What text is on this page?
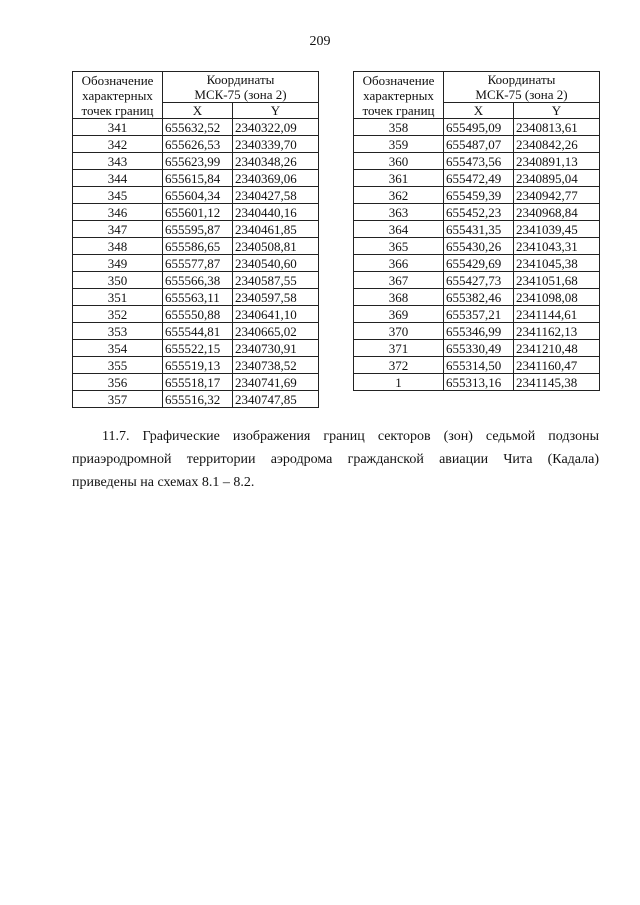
209
Обозначение
характерных
точек границ	Координаты
МСК-75 (зона 2)	
	X	Y
341	655632,52	2340322,09
342	655626,53	2340339,70
343	655623,99	2340348,26
344	655615,84	2340369,06
345	655604,34	2340427,58
346	655601,12	2340440,16
347	655595,87	2340461,85
348	655586,65	2340508,81
349	655577,87	2340540,60
350	655566,38	2340587,55
351	655563,11	2340597,58
352	655550,88	2340641,10
353	655544,81	2340665,02
354	655522,15	2340730,91
355	655519,13	2340738,52
356	655518,17	2340741,69
357	655516,32	2340747,85
Обозначение
характерных
точек границ	Координаты
МСК-75 (зона 2)	
	X	Y
358	655495,09	2340813,61
359	655487,07	2340842,26
360	655473,56	2340891,13
361	655472,49	2340895,04
362	655459,39	2340942,77
363	655452,23	2340968,84
364	655431,35	2341039,45
365	655430,26	2341043,31
366	655429,69	2341045,38
367	655427,73	2341051,68
368	655382,46	2341098,08
369	655357,21	2341144,61
370	655346,99	2341162,13
371	655330,49	2341210,48
372	655314,50	2341160,47
1	655313,16	2341145,38
11.7. Графические изображения границ секторов (зон) седьмой подзоны
приаэродромной территории аэродрома гражданской авиации Чита (Кадала)
приведены на схемах 8.1 – 8.2.
